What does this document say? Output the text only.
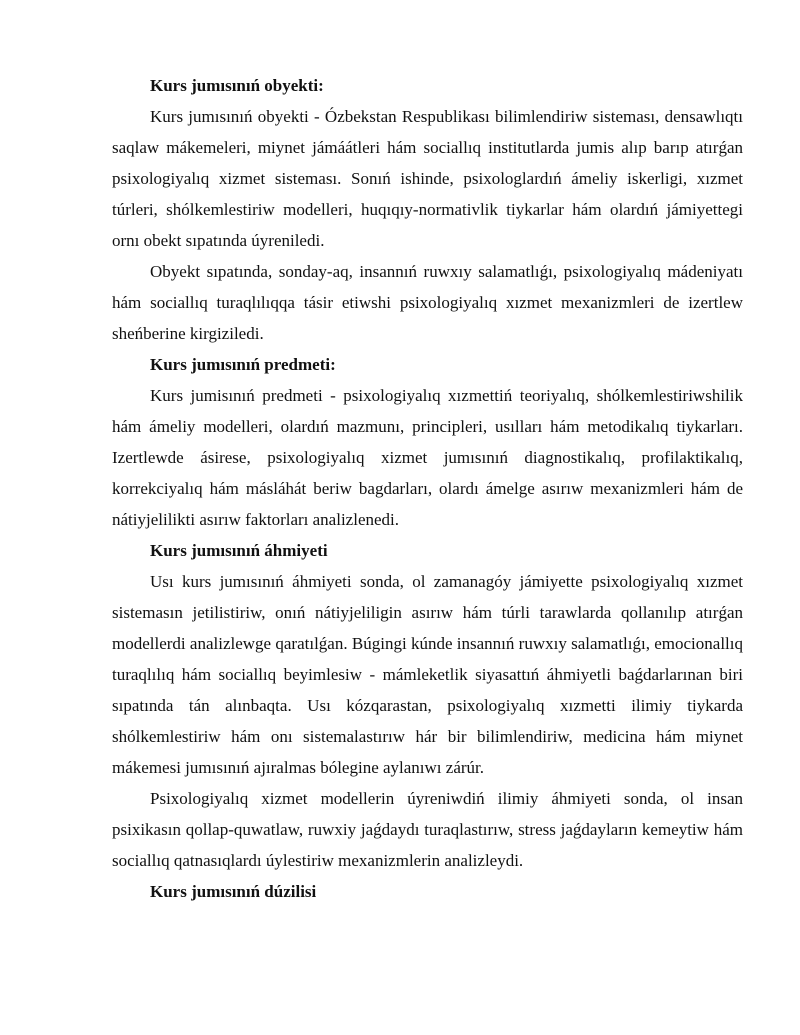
Kurs jumısınıń obyekti:

Kurs jumısınıń obyekti - Ózbekstan Respublikası bilimlendiriw sisteması, densawlıqtı saqlaw mákemeleri, miynet jámáátleri hám sociallıq institutlarda jumis alıp barıp atırǵan psixologiyalıq xizmet sisteması. Sonıń ishinde, psixologlardıń ámeliy iskerligi, xızmet túrleri, shólkemlestiriw modelleri, huqıqıy-normativlik tiykarlar hám olardıń jámiyettegi ornı obekt sıpatında úyreniledi.

Obyekt sıpatında, sonday-aq, insannıń ruwxıy salamatlıǵı, psixologiyalıq mádeniyatı hám sociallıq turaqlılıqqa tásir etiwshi psixologiyalıq xızmet mexanizmleri de izertlew sheńberine kirgiziledi.

Kurs jumısınıń predmeti:

Kurs jumisınıń predmeti - psixologiyalıq xızmettiń teoriyalıq, shólkemlestiriwshilik hám ámeliy modelleri, olardıń mazmunı, principleri, usılları hám metodikalıq tiykarları. Izertlewde ásirese, psixologiyalıq xizmet jumısınıń diagnostikalıq, profilaktikalıq, korrekciyalıq hám másláhát beriw bagdarları, olardı ámelge asırıw mexanizmleri hám de nátiyjelilikti asırıw faktorları analizlenedi.

Kurs jumısınıń áhmiyeti

Usı kurs jumısınıń áhmiyeti sonda, ol zamanagóy jámiyette psixologiyalıq xızmet sistemasın jetilistiriw, onıń nátiyjeliligin asırıw hám túrli tarawlarda qollanılıp atırǵan modellerdi analizlewge qaratılǵan. Búgingi kúnde insannıń ruwxıy salamatlıǵı, emocionallıq turaqlılıq hám sociallıq beyimlesiw - mámleketlik siyasattıń áhmiyetli baǵdarlarınan biri sıpatında tán alınbaqta. Usı kózqarastan, psixologiyalıq xızmetti ilimiy tiykarda shólkemlestiriw hám onı sistemalastırıw hár bir bilimlendiriw, medicina hám miynet mákemesi jumısınıń ajıralmas bólegine aylanıwı zárúr.

Psixologiyalıq xizmet modellerin úyreniwdiń ilimiy áhmiyeti sonda, ol insan psixikasın qollap-quwatlaw, ruwxiy jaǵdaydı turaqlastırıw, stress jaǵdayların kemeytiw hám sociallıq qatnasıqlardı úylestiriw mexanizmlerin analizleydi.

Kurs jumısınıń dúzilisi
